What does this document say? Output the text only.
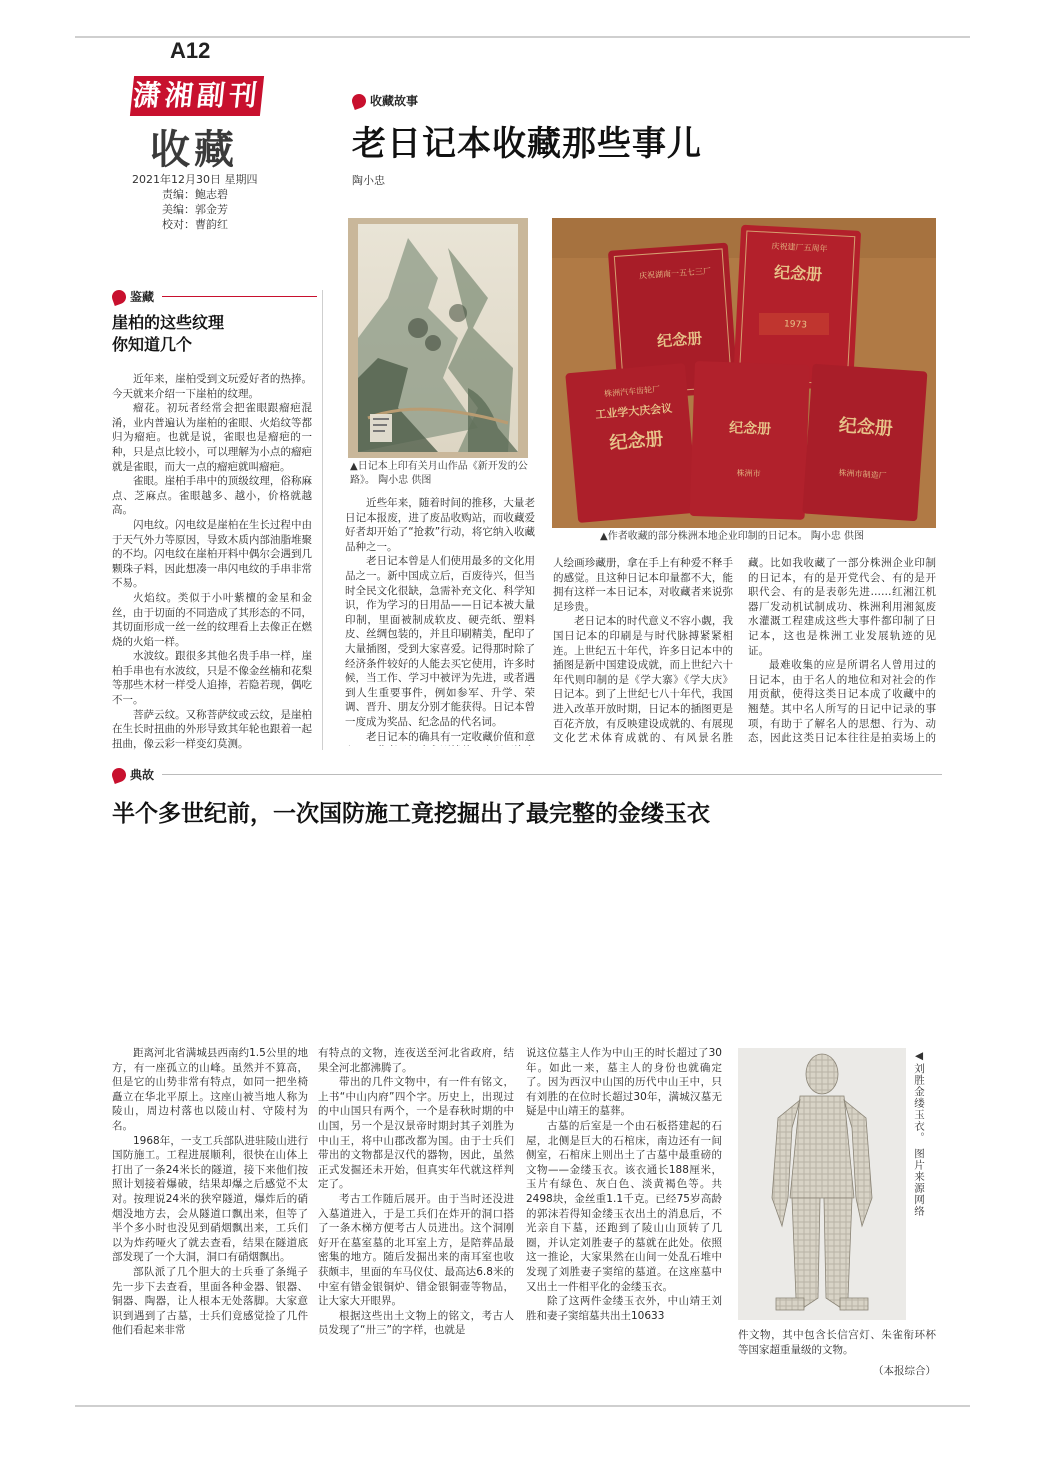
A12
潇湘副刊
收藏
2021年12月30日 星期四
责编：鲍志碧
美编：郭金芳
校对：曹韵红
鉴藏
崖柏的这些纹理
你知道几个

近年来，崖柏受到文玩爱好者的热捧。今天就来介绍一下崖柏的纹理。

瘤花。初玩者经常会把雀眼跟瘤疤混淆，业内普遍认为崖柏的雀眼、火焰纹等都归为瘤疤。也就是说，雀眼也是瘤疤的一种，只是点比较小，可以理解为小点的瘤疤就是雀眼，而大一点的瘤疤就叫瘤疤。

雀眼。崖柏手串中的顶级纹理，俗称麻点、芝麻点。雀眼越多、越小，价格就越高。

闪电纹。闪电纹是崖柏在生长过程中由于天气外力等原因，导致木质内部油脂堆聚的不均。闪电纹在崖柏开料中偶尔会遇到几颗珠子料，因此想凑一串闪电纹的手串非常不易。

火焰纹。类似于小叶紫檀的金星和金丝，由于切面的不同造成了其形态的不同，其切面形成一丝一丝的纹理看上去像正在燃烧的火焰一样。

水波纹。跟很多其他名贵手串一样，崖柏手串也有水波纹，只是不像金丝楠和花梨等那些木材一样受人追捧，若隐若现，偶吃不一。

菩萨云纹。又称菩萨纹或云纹，是崖柏在生长时扭曲的外形导致其年轮也跟着一起扭曲，像云彩一样变幻莫测。

收藏故事
老日记本收藏那些事儿
陶小忠
▲日记本上印有关月山作品《新开发的公路》。 陶小忠 供图
庆祝湖南一五七三厂
纪念册
庆祝建厂五周年
纪念册
1973
株洲汽车齿轮厂
工业学大庆会议
纪念册	纪念册
株洲市
纪念册
株洲市制造厂
▲作者收藏的部分株洲本地企业印制的日记本。 陶小忠 供图

近些年来，随着时间的推移，大量老日记本报废，进了废品收购站，而收藏爱好者却开始了“抢救”行动，将它纳入收藏品种之一。

老日记本曾是人们使用最多的文化用品之一。新中国成立后，百废待兴，但当时全民文化很缺，急需补充文化、科学知识，作为学习的日用品——日记本被大量印制，里面被制成软皮、硬壳纸、塑料皮、丝绸包装的，并且印刷精美，配印了大量插图，受到大家喜爱。记得那时除了经济条件较好的人能去买它使用，许多时候，当工作、学习中被评为先进，或者遇到人生重要事件，例如参军、升学、荣调、晋升、朋友分别才能获得。日记本曾一度成为奖品、纪念品的代名词。

老日记本的确具有一定收藏价值和意

人绘画珍藏册，拿在手上有种爱不释手的感觉。且这种日记本印量都不大，能拥有这样一本日记本，对收藏者来说弥足珍贵。

老日记本的时代意义不容小觑，我国日记本的印刷是与时代脉搏紧紧相连。上世纪五十年代，许多日记本中的插图是新中国建设成就，而上世纪六十年代则印制的是《学大寨》《学大庆》日记本。到了上世纪七八十年代，我国进入改革开放时期，日记本的插图更是百花齐放，有反映建设成就的、有展现文化艺术体育成就的、有风景名胜

藏。比如我收藏了一部分株洲企业印制的日记本，有的是开党代会、有的是开职代会、有的是表彰先进……红湘江机器厂发动机试制成功、株洲利用湘氮废水灌溉工程建成这些大事件都印制了日记本，这也是株洲工业发展轨迹的见证。

最难收集的应是所谓名人曾用过的日记本，由于名人的地位和对社会的作用贡献，使得这类日记本成了收藏中的翘楚。其中名人所写的日记中记录的事项，有助于了解名人的思想、行为、动态，因此这类日记本往往是拍卖场上的

典故
半个多世纪前，一次国防施工竟挖掘出了最完整的金缕玉衣

距离河北省满城县西南约1.5公里的地方，有一座孤立的山峰。虽然并不算高，但是它的山势非常有特点，如同一把坐椅矗立在华北平原上。这座山被当地人称为陵山，周边村落也以陵山村、守陵村为名。

1968年，一支工兵部队进驻陵山进行国防施工。工程进展顺利，很快在山体上打出了一条24米长的隧道，接下来他们按照计划接着爆破，结果却爆之后感觉不太对。按理说24米的狭窄隧道，爆炸后的硝烟没地方去，会从隧道口飘出来，但等了半个多小时也没见到硝烟飘出来，工兵们以为炸药哑火了就去查看，结果在隧道底部发现了一个大洞，洞口有硝烟飘出。

部队派了几个胆大的士兵垂了条绳子先一步下去查看，里面各种金器、银器、铜器、陶器，让人根本无处落脚。大家意识到遇到了古墓，士兵们竟感觉捡了几件他们看起来非常

有特点的文物，连夜送至河北省政府，结果全河北都沸腾了。

带出的几件文物中，有一件有铭文，上书“中山内府”四个字。历史上，出现过的中山国只有两个，一个是春秋时期的中山国，另一个是汉景帝时期封其子刘胜为中山王，将中山郡改都为国。由于士兵们带出的文物都是汉代的器物，因此，虽然正式发掘还未开始，但真实年代就这样判定了。

考古工作随后展开。由于当时还没进入墓道进入，于是工兵们在炸开的洞口搭了一条木梯方便考古人员进出。这个洞刚好开在墓室墓的北耳室上方，是陪葬品最密集的地方。随后发掘出来的南耳室也收获颇丰，里面的车马仪仗、最高达6.8米的中室有错金银铜炉、错金银铜壶等物品，让大家大开眼界。

根据这些出土文物上的铭文，考古人员发现了“卅三”的字样，也就是

说这位墓主人作为中山王的时长超过了30年。如此一来，墓主人的身份也就确定了。因为西汉中山国的历代中山王中，只有刘胜的在位时长超过30年，满城汉墓无疑是中山靖王的墓葬。

古墓的后室是一个由石板搭建起的石屋，北侧是巨大的石棺床，南边还有一间侧室，石棺床上则出土了古墓中最重磅的文物——金缕玉衣。该衣通长188厘米，玉片有绿色、灰白色、淡黄褐色等。共2498块，金丝重1.1千克。已经75岁高龄的郭沫若得知金缕玉衣出土的消息后，不光亲自下墓，还跑到了陵山山顶转了几圈，并认定刘胜妻子的墓就在此处。依照这一推论，大家果然在山间一处乱石堆中发现了刘胜妻子窦绾的墓道。在这座墓中又出土一件相平化的金缕玉衣。

除了这两件金缕玉衣外，中山靖王刘胜和妻子窦绾墓共出土10633

◀刘胜金缕玉衣。 图片来源网络

件文物，其中包含长信宫灯、朱雀衔环杯等国家超重量级的文物。

（本报综合）
